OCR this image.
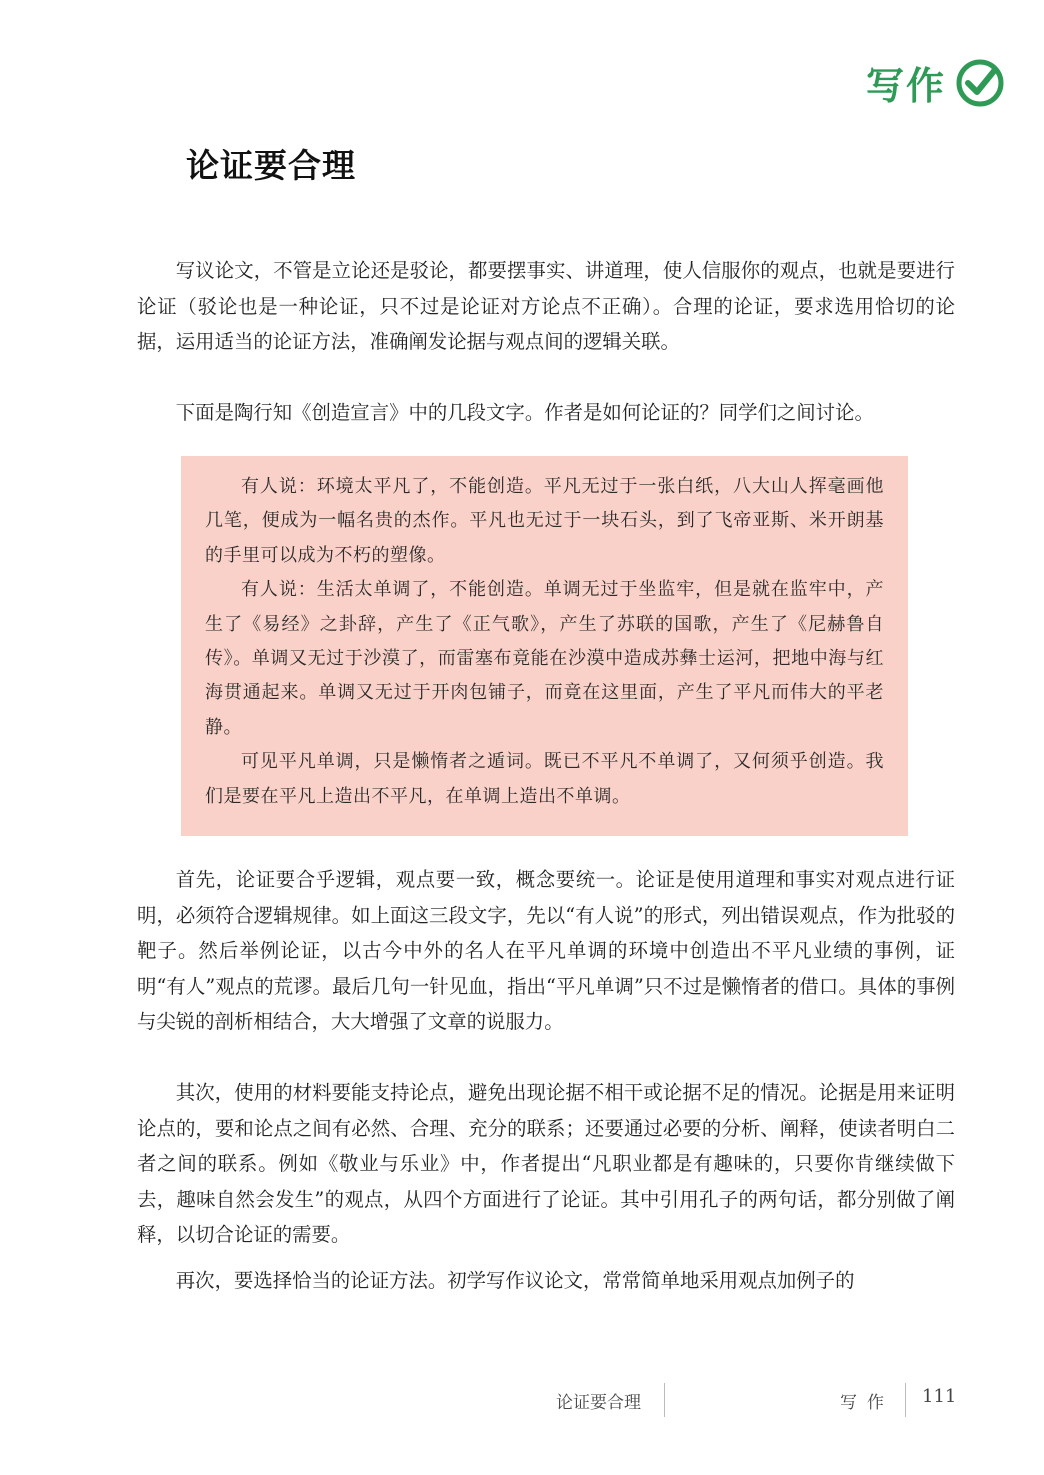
写作
论证要合理

写议论文，不管是立论还是驳论，都要摆事实、讲道理，使人信服你的观点，也就是要进行论证（驳论也是一种论证，只不过是论证对方论点不正确）。合理的论证，要求选用恰切的论据，运用适当的论证方法，准确阐发论据与观点间的逻辑关联。

下面是陶行知《创造宣言》中的几段文字。作者是如何论证的？同学们之间讨论。

有人说：环境太平凡了，不能创造。平凡无过于一张白纸，八大山人挥毫画他几笔，便成为一幅名贵的杰作。平凡也无过于一块石头，到了飞帝亚斯、米开朗基的手里可以成为不朽的塑像。

有人说：生活太单调了，不能创造。单调无过于坐监牢，但是就在监牢中，产生了《易经》之卦辞，产生了《正气歌》，产生了苏联的国歌，产生了《尼赫鲁自传》。单调又无过于沙漠了，而雷塞布竟能在沙漠中造成苏彝士运河，把地中海与红海贯通起来。单调又无过于开肉包铺子，而竟在这里面，产生了平凡而伟大的平老静。

可见平凡单调，只是懒惰者之遁词。既已不平凡不单调了，又何须乎创造。我们是要在平凡上造出不平凡，在单调上造出不单调。

首先，论证要合乎逻辑，观点要一致，概念要统一。论证是使用道理和事实对观点进行证明，必须符合逻辑规律。如上面这三段文字，先以“有人说”的形式，列出错误观点，作为批驳的靶子。然后举例论证，以古今中外的名人在平凡单调的环境中创造出不平凡业绩的事例，证明“有人”观点的荒谬。最后几句一针见血，指出“平凡单调”只不过是懒惰者的借口。具体的事例与尖锐的剖析相结合，大大增强了文章的说服力。

其次，使用的材料要能支持论点，避免出现论据不相干或论据不足的情况。论据是用来证明论点的，要和论点之间有必然、合理、充分的联系；还要通过必要的分析、阐释，使读者明白二者之间的联系。例如《敬业与乐业》中，作者提出“凡职业都是有趣味的，只要你肯继续做下去，趣味自然会发生”的观点，从四个方面进行了论证。其中引用孔子的两句话，都分别做了阐释，以切合论证的需要。

再次，要选择恰当的论证方法。初学写作议论文，常常简单地采用观点加例子的

论证要合理	写作 111
